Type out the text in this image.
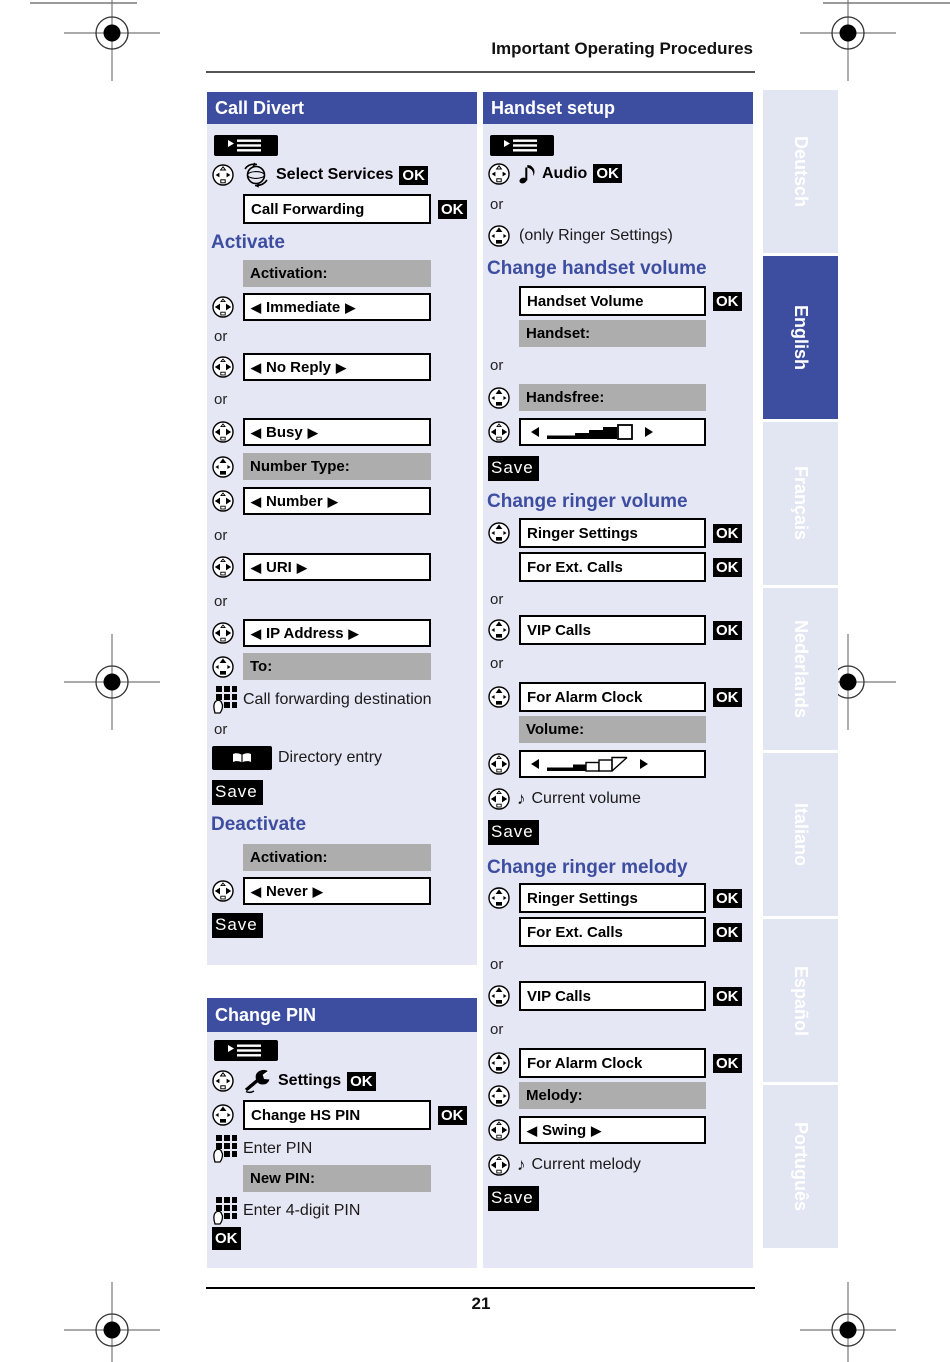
Important Operating Procedures
21
Call Divert
Select Services OK
Call Forwarding	OK
Activate
Activation:
◀ Immediate ▶
or
◀ No Reply ▶
or
◀ Busy ▶
Number Type:
◀ Number ▶
or
◀ URI ▶
or
◀ IP Address ▶
To:
Call forwarding destination
or
Directory entry
Save
Deactivate
Activation:
◀ Never ▶
Save
Change PIN
Settings OK
Change HS PIN	OK
Enter PIN
New PIN:
Enter 4-digit PIN
OK
Handset setup
Audio OK
or
(only Ringer Settings)
Change handset volume
Handset Volume	OK
Handset:
or
Handsfree:
Save
Change ringer volume
Ringer Settings	OK
For Ext. Calls	OK
or
VIP Calls	OK
or
For Alarm Clock	OK
Volume:
♪ Current volume
Save
Change ringer melody
Ringer Settings	OK
For Ext. Calls	OK
or
VIP Calls	OK
or
For Alarm Clock	OK
Melody:
◀ Swing ▶
♪ Current melody
Save
Deutsch
English
Français
Nederlands
Italiano
Español
Português
